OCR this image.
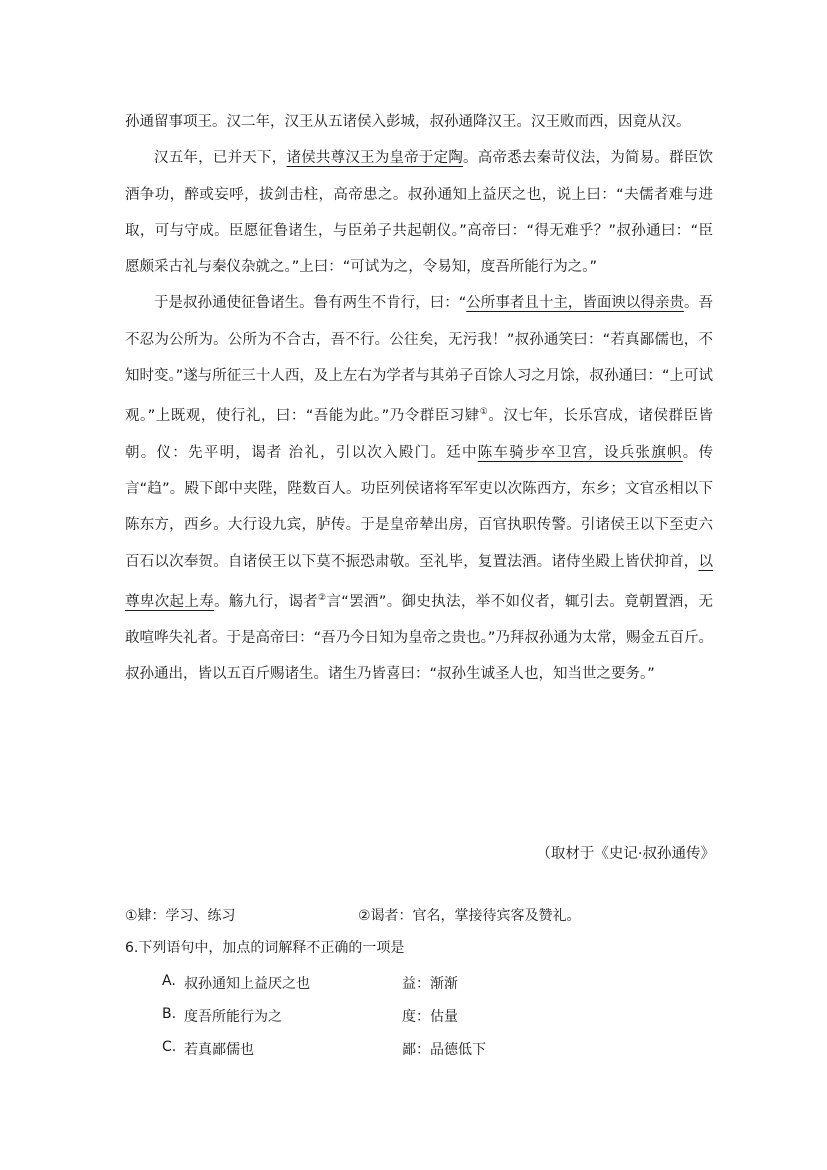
孙通留事项王。汉二年，汉王从五诸侯入彭城，叔孙通降汉王。汉王败而西，因竟从汉。

汉五年，已并天下，诸侯共尊汉王为皇帝于定陶。高帝悉去秦苛仪法，为简易。群臣饮酒争功，醉或妄呼，拔剑击柱，高帝患之。叔孙通知上益厌之也，说上曰：“夫儒者难与进取，可与守成。臣愿征鲁诸生，与臣弟子共起朝仪。”高帝曰：“得无难乎？”叔孙通曰：“臣愿颇采古礼与秦仪杂就之。”上曰：“可试为之，令易知，度吾所能行为之。”

于是叔孙通使征鲁诸生。鲁有两生不肯行，曰：“公所事者且十主，皆面谀以得亲贵。吾不忍为公所为。公所为不合古，吾不行。公往矣，无污我！”叔孙通笑曰：“若真鄙儒也，不知时变。”遂与所征三十人西，及上左右为学者与其弟子百馀人习之月馀，叔孙通曰：“上可试观。”上既观，使行礼，曰：“吾能为此。”乃令群臣习肄①。汉七年，长乐宫成，诸侯群臣皆朝。仪：先平明，谒者 治礼，引以次入殿门。廷中陈车骑步卒卫宫，设兵张旗帜。传言“趋”。殿下郎中夹陛，陛数百人。功臣列侯诸将军军吏以次陈西方，东乡；文官丞相以下陈东方，西乡。大行设九宾，胪传。于是皇帝辇出房，百官执职传警。引诸侯王以下至吏六百石以次奉贺。自诸侯王以下莫不振恐肃敬。至礼毕，复置法酒。诸侍坐殿上皆伏抑首，以尊卑次起上寿。觞九行，谒者②言“罢酒”。御史执法，举不如仪者，辄引去。竟朝置酒，无敢喧哗失礼者。于是高帝曰：“吾乃今日知为皇帝之贵也。”乃拜叔孙通为太常，赐金五百斤。叔孙通出，皆以五百斤赐诸生。诸生乃皆喜曰：“叔孙生诚圣人也，知当世之要务。”

（取材于《史记·叔孙通传》
①肄：学习、练习	②谒者：官名，掌接待宾客及赞礼。
6.下列语句中，加点的词解释不正确的一项是
A. 叔孙通知上益厌之也	益：渐渐
B. 度吾所能行为之	度：估量
C. 若真鄙儒也	鄙：品德低下
